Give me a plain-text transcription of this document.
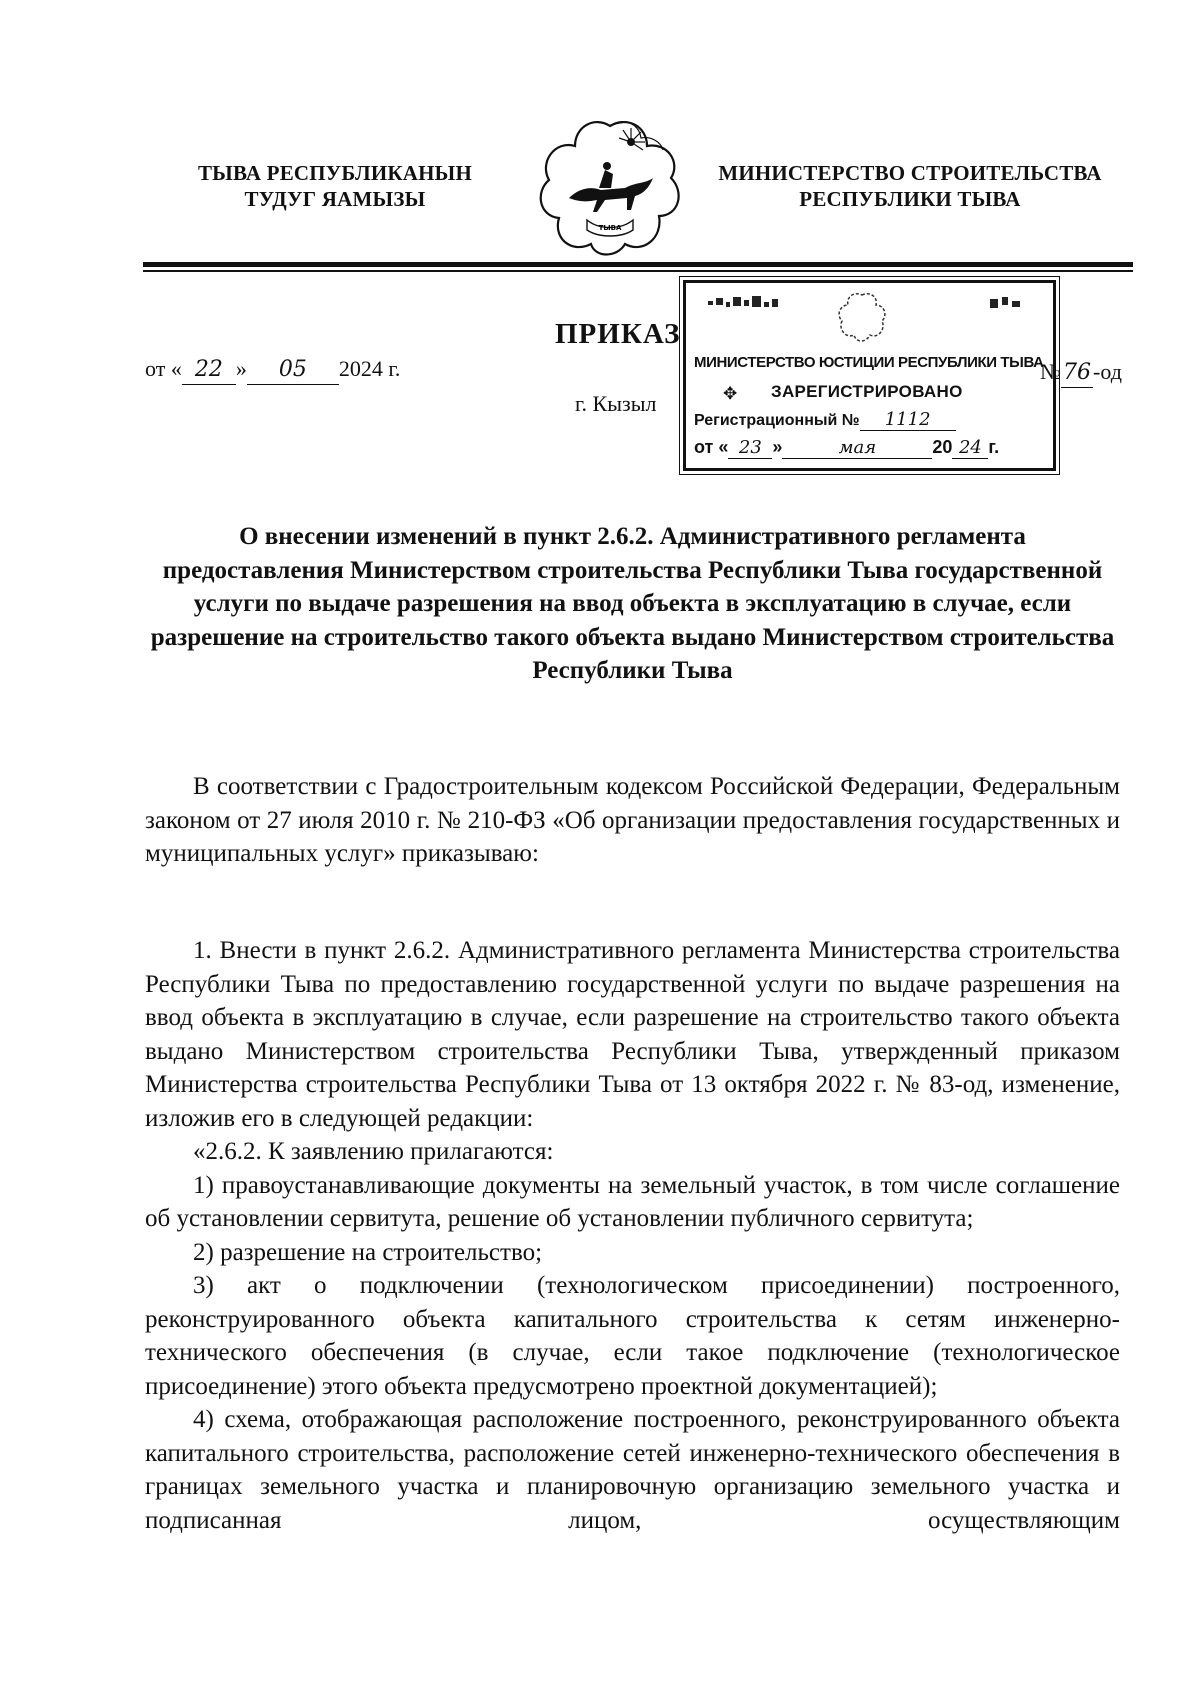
ТЫВА РЕСПУБЛИКАНЫН
ТУДУГ ЯАМЫЗЫ
ТЫВА
МИНИСТЕРСТВО СТРОИТЕЛЬСТВА
РЕСПУБЛИКИ ТЫВА
ПРИКАЗ
от « 22 » 05 2024 г.
г. Кызыл
МИНИСТЕРСТВО ЮСТИЦИИ РЕСПУБЛИКИ ТЫВА
✥ ЗАРЕГИСТРИРОВАНО
Регистрационный № 1112
от « 23 »	мая	20 24 г.
№76-од
О внесении изменений в пункт 2.6.2. Административного регламента предоставления Министерством строительства Республики Тыва государственной услуги по выдаче разрешения на ввод объекта в эксплуатацию в случае, если разрешение на строительство такого объекта выдано Министерством строительства Республики Тыва
В соответствии с Градостроительным кодексом Российской Федерации, Федеральным законом от 27 июля 2010 г. № 210-ФЗ «Об организации предоставления государственных и муниципальных услуг» приказываю:

1. Внести в пункт 2.6.2. Административного регламента Министерства строительства Республики Тыва по предоставлению государственной услуги по выдаче разрешения на ввод объекта в эксплуатацию в случае, если разрешение на строительство такого объекта выдано Министерством строительства Республики Тыва, утвержденный приказом Министерства строительства Республики Тыва от 13 октября 2022 г. № 83-од, изменение, изложив его в следующей редакции:

«2.6.2. К заявлению прилагаются:

1) правоустанавливающие документы на земельный участок, в том числе соглашение об установлении сервитута, решение об установлении публичного сервитута;

2) разрешение на строительство;

3) акт о подключении (технологическом присоединении) построенного, реконструированного объекта капитального строительства к сетям инженерно-технического обеспечения (в случае, если такое подключение (технологическое присоединение) этого объекта предусмотрено проектной документацией);

4) схема, отображающая расположение построенного, реконструированного объекта капитального строительства, расположение сетей инженерно-технического обеспечения в границах земельного участка и планировочную организацию земельного участка и подписанная лицом, осуществляющим
